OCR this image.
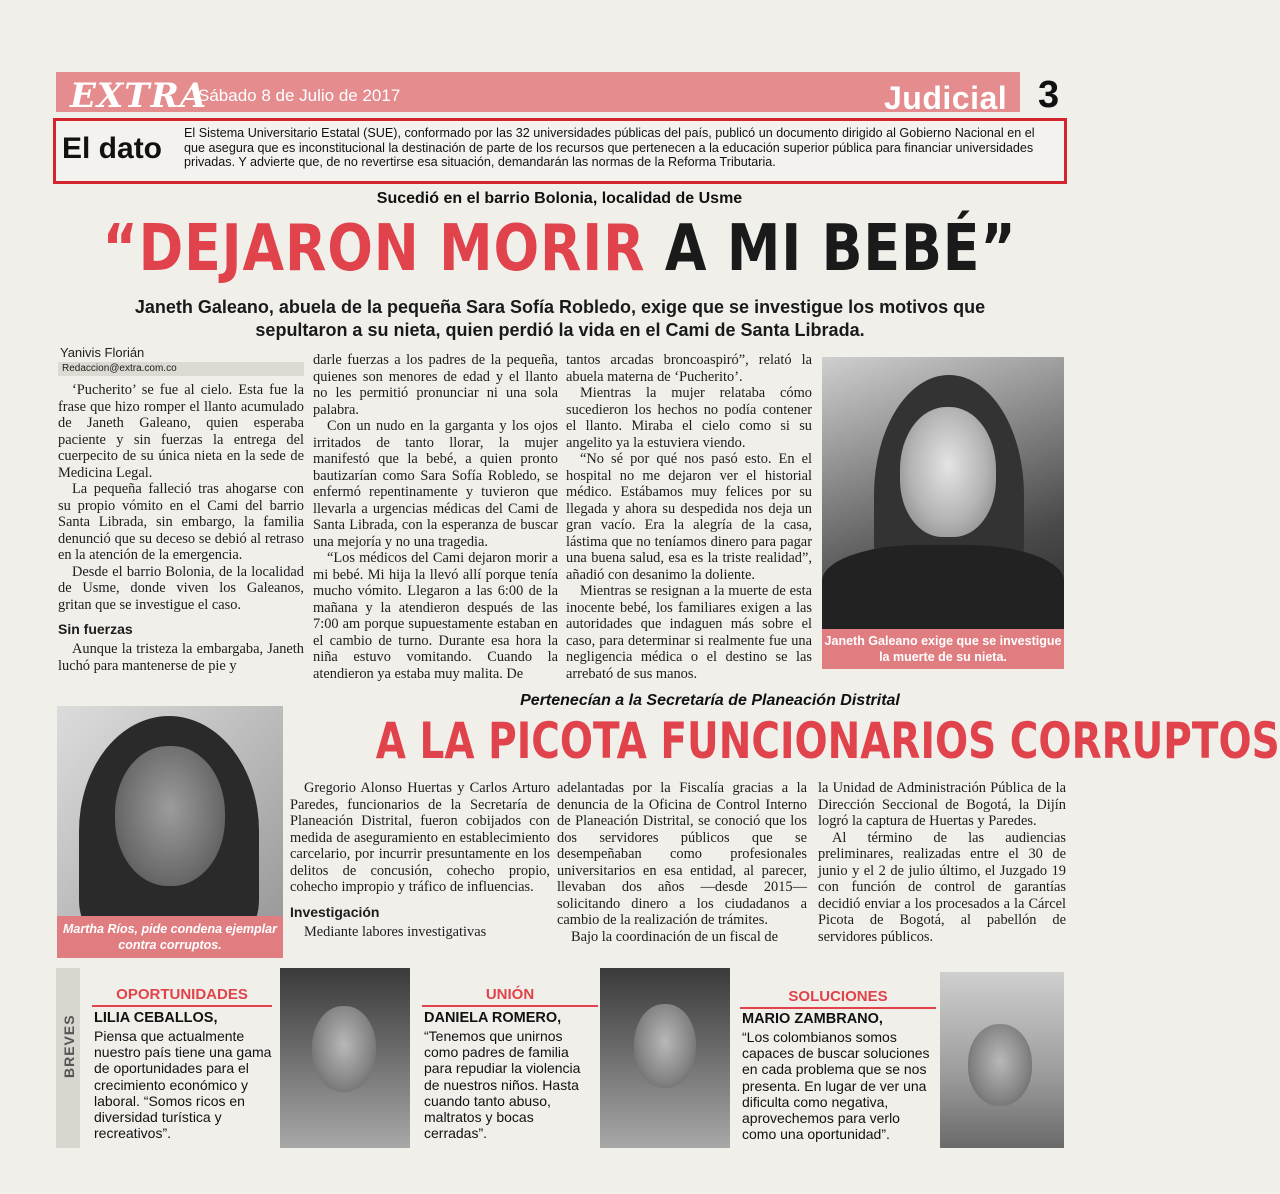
EXTRA
Sábado 8 de Julio de 2017	Judicial 3
El dato El Sistema Universitario Estatal (SUE), conformado por las 32 universidades públicas del país, publicó un documento dirigido al Gobierno Nacional en el que asegura que es inconstitucional la destinación de parte de los recursos que pertenecen a la educación superior pública para financiar universidades privadas. Y advierte que, de no revertirse esa situación, demandarán las normas de la Reforma Tributaria.
Sucedió en el barrio Bolonia, localidad de Usme
“DEJARON MORIR A MI BEBÉ”
Janeth Galeano, abuela de la pequeña Sara Sofía Robledo, exige que se investigue los motivos que sepultaron a su nieta, quien perdió la vida en el Cami de Santa Librada.
Yanivis Florián
Redaccion@extra.com.co

‘Pucherito’ se fue al cielo. Esta fue la frase que hizo romper el llanto acumulado de Janeth Galeano, quien esperaba paciente y sin fuerzas la entrega del cuerpecito de su única nieta en la sede de Medicina Legal.

La pequeña falleció tras ahogarse con su propio vómito en el Cami del barrio Santa Librada, sin embargo, la familia denunció que su deceso se debió al retraso en la atención de la emergencia.

Desde el barrio Bolonia, de la localidad de Usme, donde viven los Galeanos, gritan que se investigue el caso.

Sin fuerzas

Aunque la tristeza la embargaba, Janeth luchó para mantenerse de pie y

darle fuerzas a los padres de la pequeña, quienes son menores de edad y el llanto no les permitió pronunciar ni una sola palabra.

Con un nudo en la garganta y los ojos irritados de tanto llorar, la mujer manifestó que la bebé, a quien pronto bautizarían como Sara Sofía Robledo, se enfermó repentinamente y tuvieron que llevarla a urgencias médicas del Cami de Santa Librada, con la esperanza de buscar una mejoría y no una tragedia.

“Los médicos del Cami dejaron morir a mi bebé. Mi hija la llevó allí porque tenía mucho vómito. Llegaron a las 6:00 de la mañana y la atendieron después de las 7:00 am porque supuestamente estaban en el cambio de turno. Durante esa hora la niña estuvo vomitando. Cuando la atendieron ya estaba muy malita. De

tantos arcadas broncoaspiró”, relató la abuela materna de ‘Pucherito’.

Mientras la mujer relataba cómo sucedieron los hechos no podía contener el llanto. Miraba el cielo como si su angelito ya la estuviera viendo.

“No sé por qué nos pasó esto. En el hospital no me dejaron ver el historial médico. Estábamos muy felices por su llegada y ahora su despedida nos deja un gran vacío. Era la alegría de la casa, lástima que no teníamos dinero para pagar una buena salud, esa es la triste realidad”, añadió con desanimo la doliente.

Mientras se resignan a la muerte de esta inocente bebé, los familiares exigen a las autoridades que indaguen más sobre el caso, para determinar si realmente fue una negligencia médica o el destino se las arrebató de sus manos.

Janeth Galeano exige que se investigue la muerte de su nieta.
Pertenecían a la Secretaría de Planeación Distrital
A LA PICOTA FUNCIONARIOS CORRUPTOS
Martha Ríos, pide condena ejemplar contra corruptos.

Gregorio Alonso Huertas y Carlos Arturo Paredes, funcionarios de la Secretaría de Planeación Distrital, fueron cobijados con medida de aseguramiento en establecimiento carcelario, por incurrir presuntamente en los delitos de concusión, cohecho propio, cohecho impropio y tráfico de influencias.

Investigación

Mediante labores investigativas

adelantadas por la Fiscalía gracias a la denuncia de la Oficina de Control Interno de Planeación Distrital, se conoció que los dos servidores públicos que se desempeñaban como profesionales universitarios en esa entidad, al parecer, llevaban dos años —desde 2015— solicitando dinero a los ciudadanos a cambio de la realización de trámites.

Bajo la coordinación de un fiscal de

la Unidad de Administración Pública de la Dirección Seccional de Bogotá, la Dijín logró la captura de Huertas y Paredes.

Al término de las audiencias preliminares, realizadas entre el 30 de junio y el 2 de julio último, el Juzgado 19 con función de control de garantías decidió enviar a los procesados a la Cárcel Picota de Bogotá, al pabellón de servidores públicos.

BREVES
OPORTUNIDADES
LILIA CEBALLOS,
Piensa que actualmente nuestro país tiene una gama de oportunidades para el crecimiento económico y laboral. “Somos ricos en diversidad turística y recreativos”.
UNIÓN
DANIELA ROMERO,
“Tenemos que unirnos como padres de familia para repudiar la violencia de nuestros niños. Hasta cuando tanto abuso, maltratos y bocas cerradas”.
SOLUCIONES
MARIO ZAMBRANO,
“Los colombianos somos capaces de buscar soluciones en cada problema que se nos presenta. En lugar de ver una dificulta como negativa, aprovechemos para verlo como una oportunidad”.
